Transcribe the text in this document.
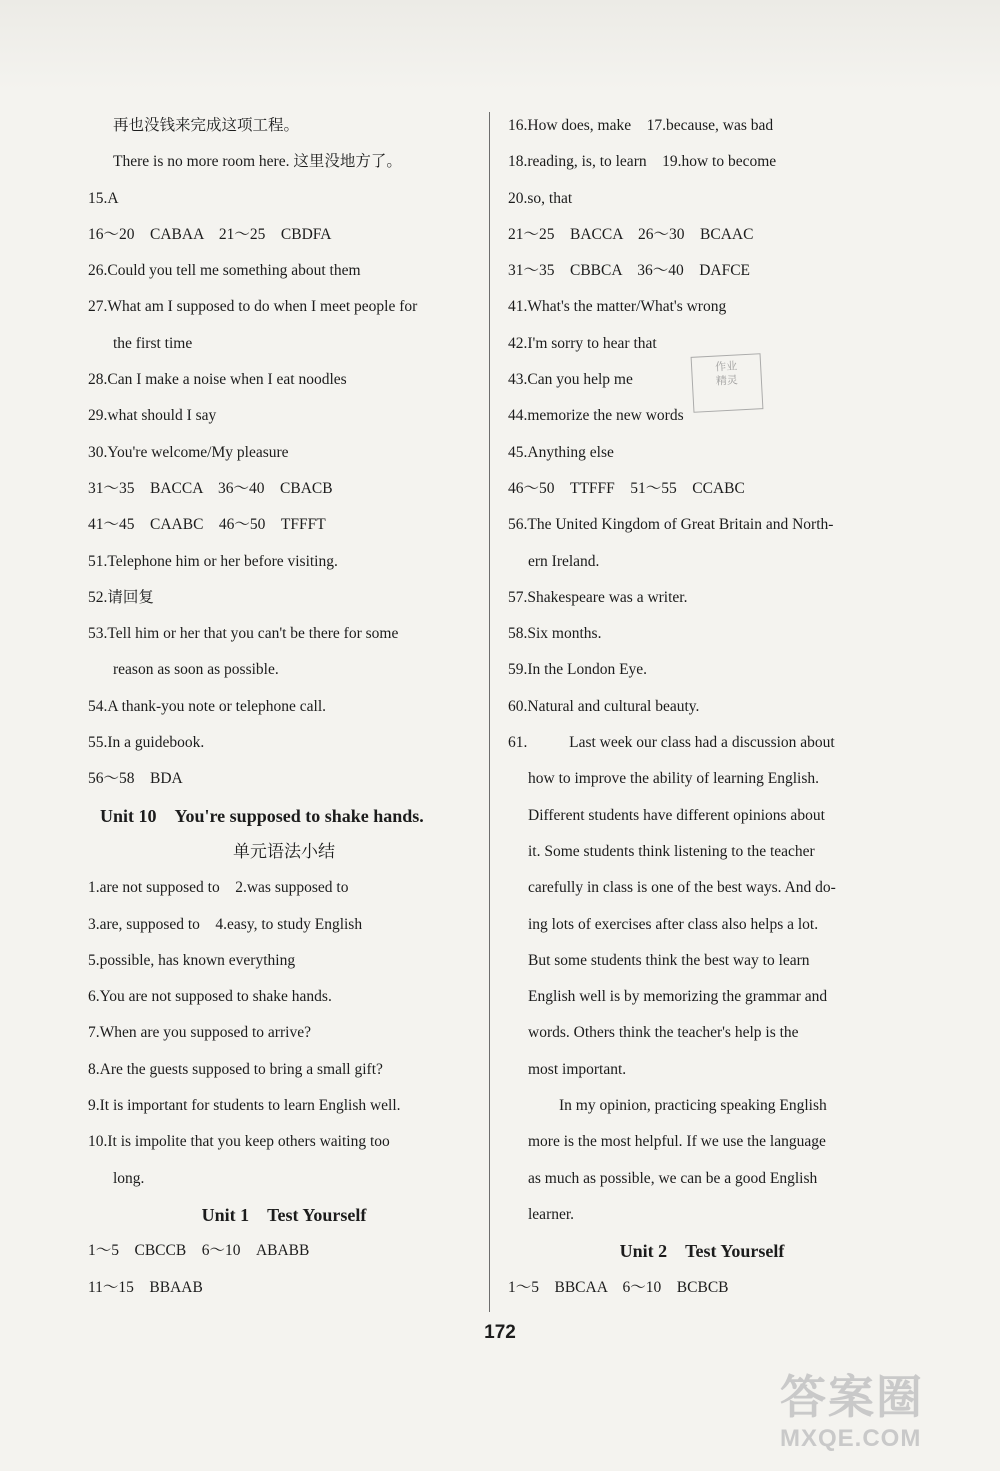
再也没钱来完成这项工程。
There is no more room here. 这里没地方了。
15.A
16～20　CABAA　21～25　CBDFA
26.Could you tell me something about them
27.What am I supposed to do when I meet people for
the first time
28.Can I make a noise when I eat noodles
29.what should I say
30.You're welcome/My pleasure
31～35　BACCA　36～40　CBACB
41～45　CAABC　46～50　TFFFT
51.Telephone him or her before visiting.
52.请回复
53.Tell him or her that you can't be there for some
reason as soon as possible.
54.A thank-you note or telephone call.
55.In a guidebook.
56～58　BDA
Unit 10　You're supposed to shake hands.
单元语法小结
1.are not supposed to　2.was supposed to
3.are, supposed to　4.easy, to study English
5.possible, has known everything
6.You are not supposed to shake hands.
7.When are you supposed to arrive?
8.Are the guests supposed to bring a small gift?
9.It is important for students to learn English well.
10.It is impolite that you keep others waiting too
long.
Unit 1　Test Yourself
1～5　CBCCB　6～10　ABABB
11～15　BBAAB
16.How does, make　17.because, was bad
18.reading, is, to learn　19.how to become
20.so, that
21～25　BACCA　26～30　BCAAC
31～35　CBBCA　36～40　DAFCE
41.What's the matter/What's wrong
42.I'm sorry to hear that
43.Can you help me
44.memorize the new words
45.Anything else
46～50　TTFFF　51～55　CCABC
56.The United Kingdom of Great Britain and North-
ern Ireland.
57.Shakespeare was a writer.
58.Six months.
59.In the London Eye.
60.Natural and cultural beauty.
61.	Last week our class had a discussion about
how to improve the ability of learning English.
Different students have different opinions about
it. Some students think listening to the teacher
carefully in class is one of the best ways. And do-
ing lots of exercises after class also helps a lot.
But some students think the best way to learn
English well is by memorizing the grammar and
words. Others think the teacher's help is the
most important.
　　In my opinion, practicing speaking English
more is the most helpful. If we use the language
as much as possible, we can be a good English
learner.
Unit 2　Test Yourself
1～5　BBCAA　6～10　BCBCB
作业
精灵
172
答案圈
MXQE.COM
